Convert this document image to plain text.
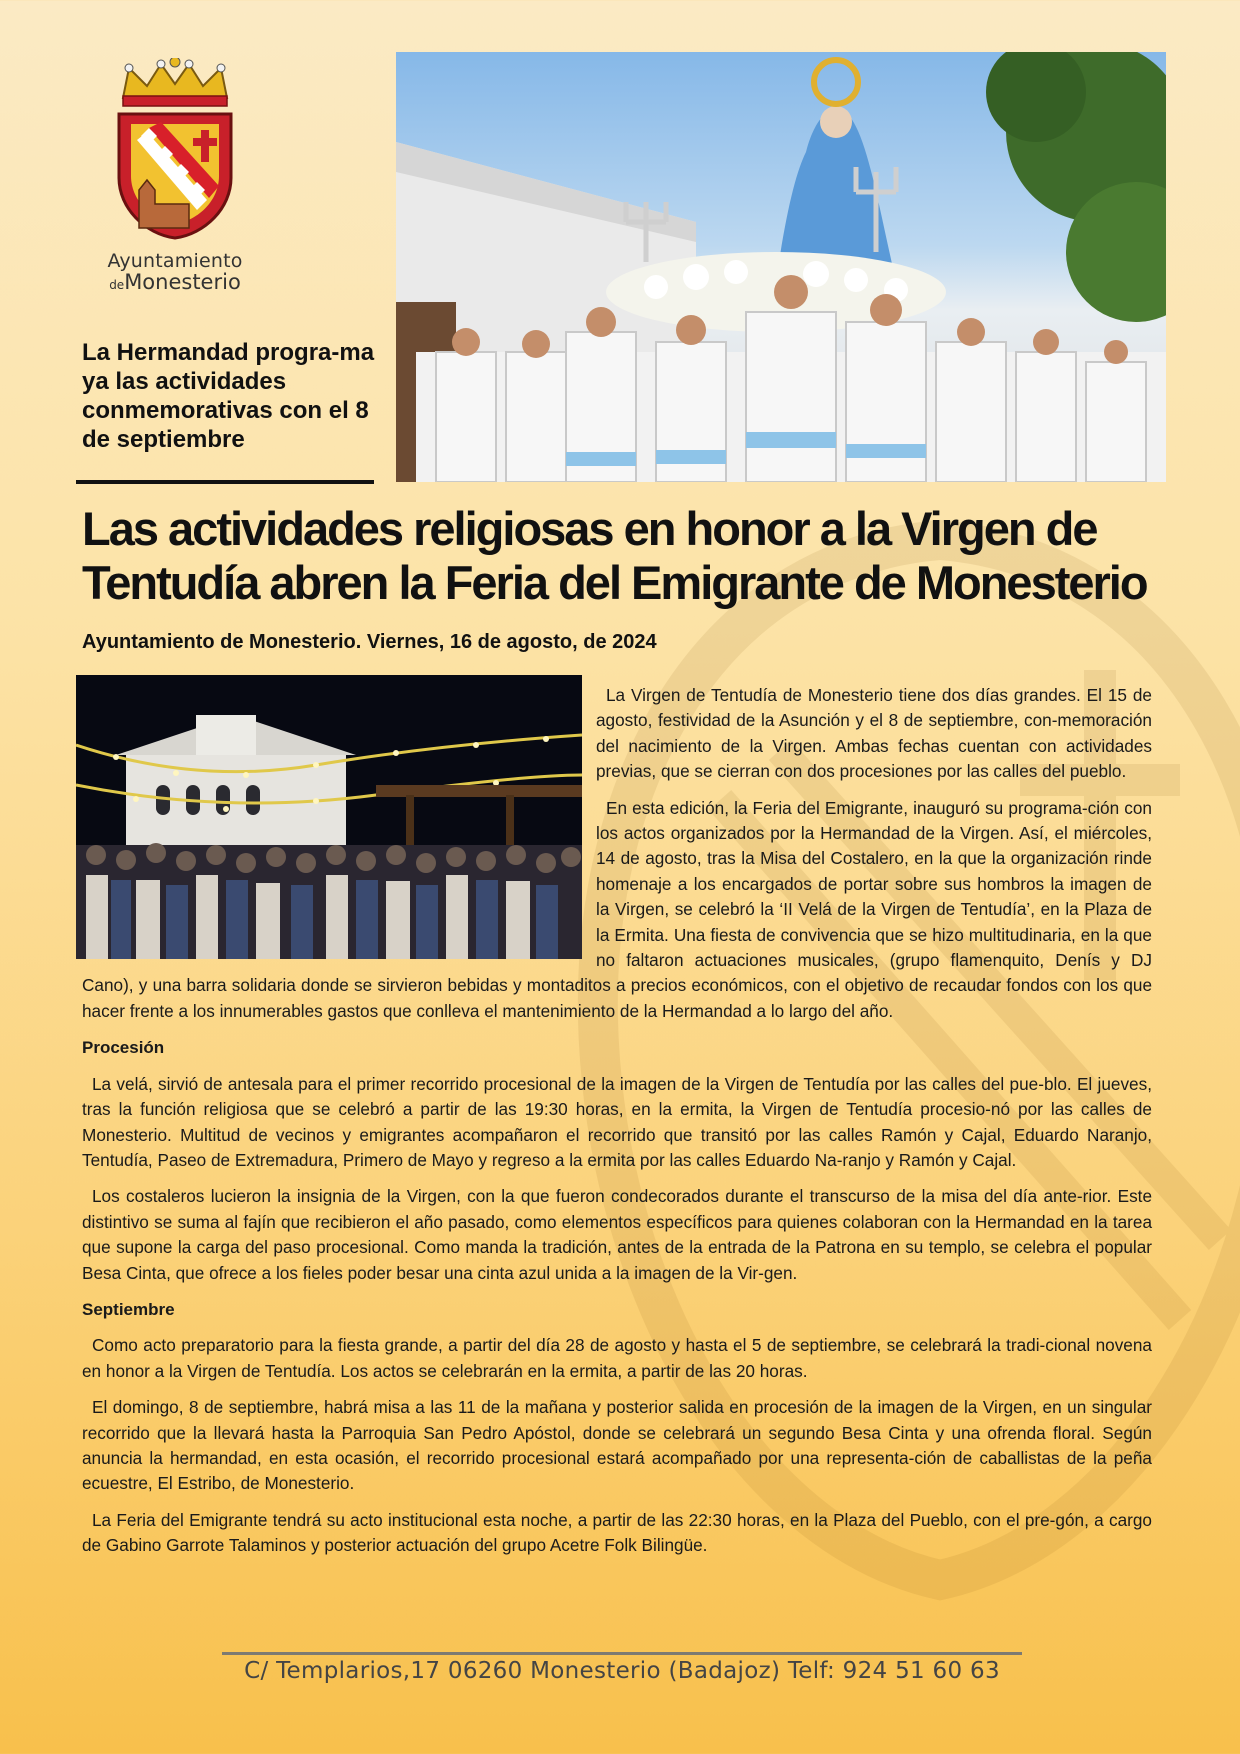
Ayuntamiento
deMonesterio
La Hermandad progra-ma ya las actividades conmemorativas con el 8 de septiembre
Las actividades religiosas en honor a la Virgen de Tentudía abren la Feria del Emigrante de Monesterio
Ayuntamiento de Monesterio. Viernes, 16 de agosto, de 2024

La Virgen de Tentudía de Monesterio tiene dos días grandes. El 15 de agosto, festividad de la Asunción y el 8 de septiembre, con-memoración del nacimiento de la Virgen. Ambas fechas cuentan con actividades previas, que se cierran con dos procesiones por las calles del pueblo.

En esta edición, la Feria del Emigrante, inauguró su programa-ción con los actos organizados por la Hermandad de la Virgen. Así, el miércoles, 14 de agosto, tras la Misa del Costalero, en la que la organización rinde homenaje a los encargados de portar sobre sus hombros la imagen de la Virgen, se celebró la ‘II Velá de la Virgen de Tentudía’, en la Plaza de la Ermita. Una fiesta de convivencia que se hizo multitudinaria, en la que no faltaron actuaciones musicales, (grupo flamenquito, Denís y DJ Cano), y una barra solidaria donde se sirvieron bebidas y montaditos a precios económicos, con el objetivo de recaudar fondos con los que hacer frente a los innumerables gastos que conlleva el mantenimiento de la Hermandad a lo largo del año.

Procesión

La velá, sirvió de antesala para el primer recorrido procesional de la imagen de la Virgen de Tentudía por las calles del pue-blo. El jueves, tras la función religiosa que se celebró a partir de las 19:30 horas, en la ermita, la Virgen de Tentudía procesio-nó por las calles de Monesterio. Multitud de vecinos y emigrantes acompañaron el recorrido que transitó por las calles Ramón y Cajal, Eduardo Naranjo, Tentudía, Paseo de Extremadura, Primero de Mayo y regreso a la ermita por las calles Eduardo Na-ranjo y Ramón y Cajal.

Los costaleros lucieron la insignia de la Virgen, con la que fueron condecorados durante el transcurso de la misa del día ante-rior. Este distintivo se suma al fajín que recibieron el año pasado, como elementos específicos para quienes colaboran con la Hermandad en la tarea que supone la carga del paso procesional. Como manda la tradición, antes de la entrada de la Patrona en su templo, se celebra el popular Besa Cinta, que ofrece a los fieles poder besar una cinta azul unida a la imagen de la Vir-gen.

Septiembre

Como acto preparatorio para la fiesta grande, a partir del día 28 de agosto y hasta el 5 de septiembre, se celebrará la tradi-cional novena en honor a la Virgen de Tentudía. Los actos se celebrarán en la ermita, a partir de las 20 horas.

El domingo, 8 de septiembre, habrá misa a las 11 de la mañana y posterior salida en procesión de la imagen de la Virgen, en un singular recorrido que la llevará hasta la Parroquia San Pedro Apóstol, donde se celebrará un segundo Besa Cinta y una ofrenda floral. Según anuncia la hermandad, en esta ocasión, el recorrido procesional estará acompañado por una representa-ción de caballistas de la peña ecuestre, El Estribo, de Monesterio.

La Feria del Emigrante tendrá su acto institucional esta noche, a partir de las 22:30 horas, en la Plaza del Pueblo, con el pre-gón, a cargo de Gabino Garrote Talaminos y posterior actuación del grupo Acetre Folk Bilingüe.

C/ Templarios,17 06260 Monesterio (Badajoz) Telf: 924 51 60 63
